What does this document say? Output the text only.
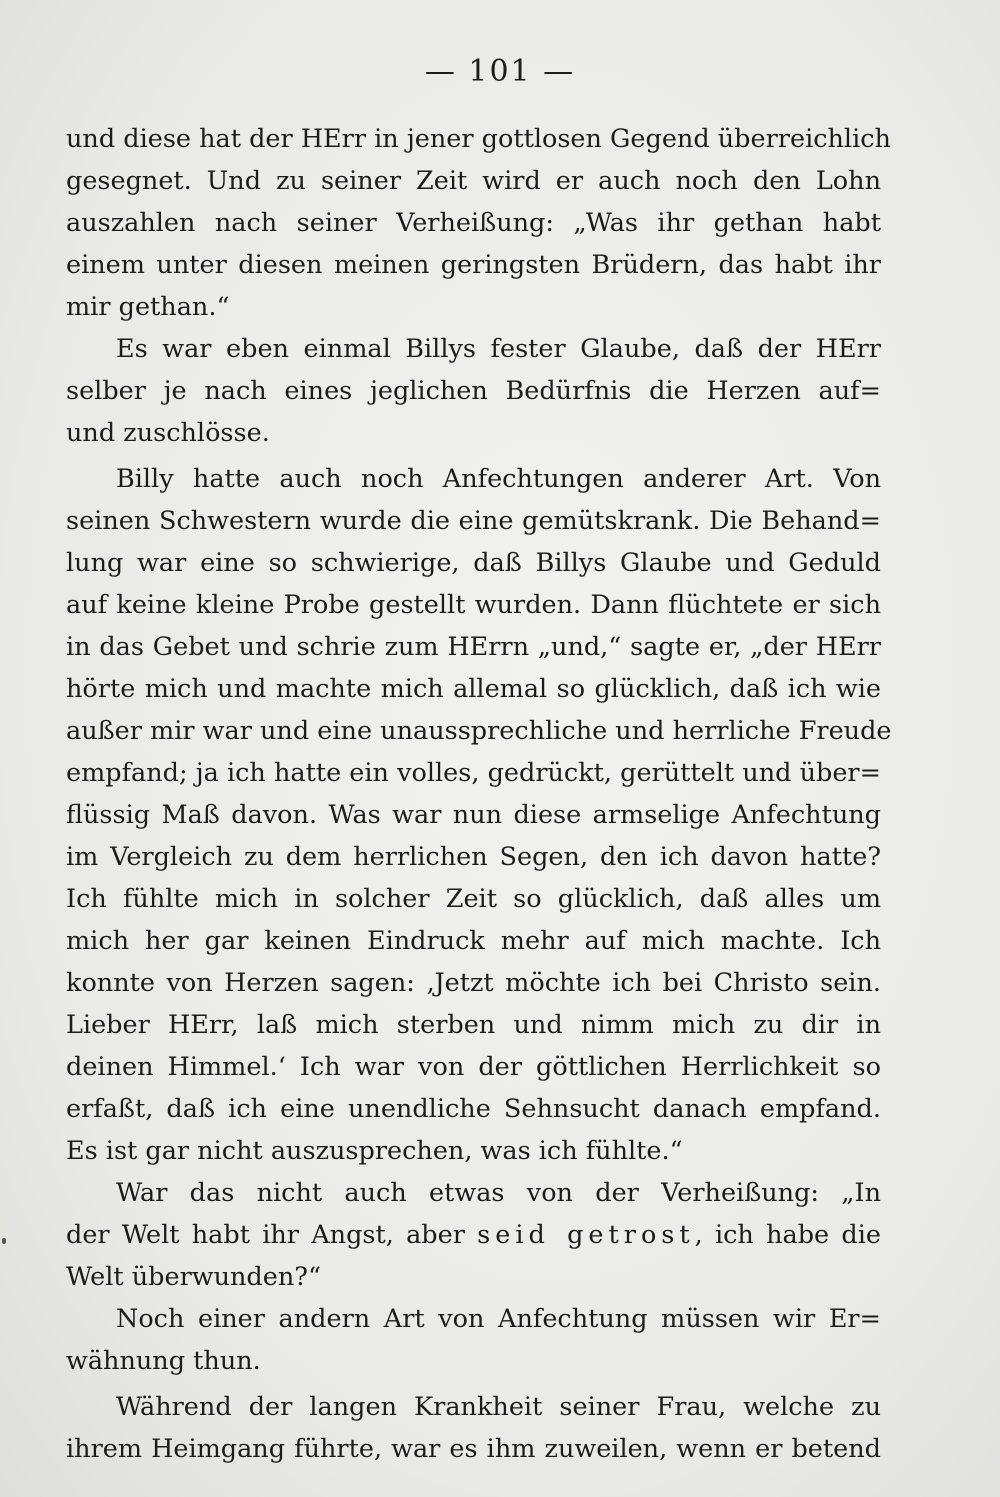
— 101 —
und diese hat der HErr in jener gottlosen Gegend überreichlich
gesegnet. Und zu seiner Zeit wird er auch noch den Lohn
auszahlen nach seiner Verheißung: „Was ihr gethan habt
einem unter diesen meinen geringsten Brüdern, das habt ihr
mir gethan.“
Es war eben einmal Billys fester Glaube, daß der HErr
selber je nach eines jeglichen Bedürfnis die Herzen auf=
und zuschlösse.
Billy hatte auch noch Anfechtungen anderer Art. Von
seinen Schwestern wurde die eine gemütskrank. Die Behand=
lung war eine so schwierige, daß Billys Glaube und Geduld
auf keine kleine Probe gestellt wurden. Dann flüchtete er sich
in das Gebet und schrie zum HErrn „und,“ sagte er, „der HErr
hörte mich und machte mich allemal so glücklich, daß ich wie
außer mir war und eine unaussprechliche und herrliche Freude
empfand; ja ich hatte ein volles, gedrückt, gerüttelt und über=
flüssig Maß davon. Was war nun diese armselige Anfechtung
im Vergleich zu dem herrlichen Segen, den ich davon hatte?
Ich fühlte mich in solcher Zeit so glücklich, daß alles um
mich her gar keinen Eindruck mehr auf mich machte. Ich
konnte von Herzen sagen: ‚Jetzt möchte ich bei Christo sein.
Lieber HErr, laß mich sterben und nimm mich zu dir in
deinen Himmel.‘ Ich war von der göttlichen Herrlichkeit so
erfaßt, daß ich eine unendliche Sehnsucht danach empfand.
Es ist gar nicht auszusprechen, was ich fühlte.“
War das nicht auch etwas von der Verheißung: „In
der Welt habt ihr Angst, aber seid getrost, ich habe die
Welt überwunden?“
Noch einer andern Art von Anfechtung müssen wir Er=
wähnung thun.
Während der langen Krankheit seiner Frau, welche zu
ihrem Heimgang führte, war es ihm zuweilen, wenn er betend
